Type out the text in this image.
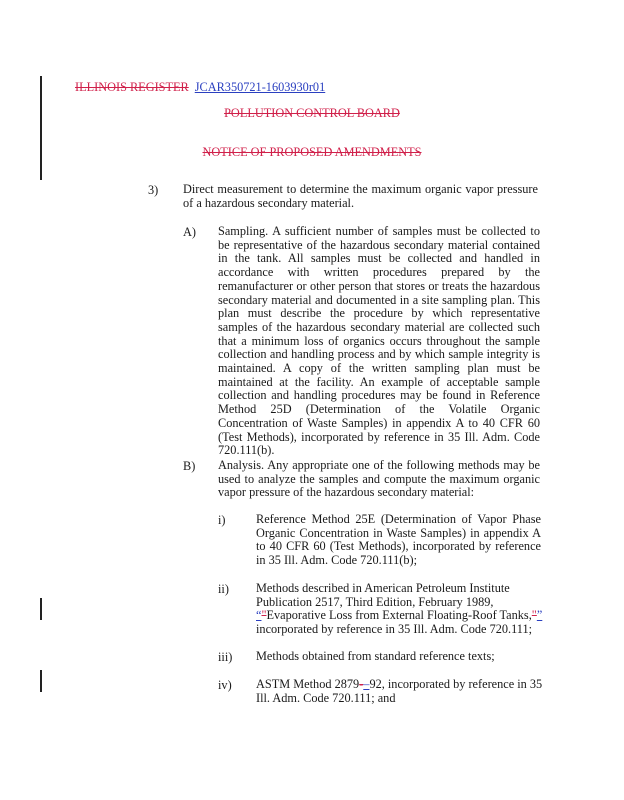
ILLINOIS REGISTER JCAR350721-1603930r01
POLLUTION CONTROL BOARD
NOTICE OF PROPOSED AMENDMENTS
3) Direct measurement to determine the maximum organic vapor pressure of a hazardous secondary material.
A) Sampling. A sufficient number of samples must be collected to be representative of the hazardous secondary material contained in the tank. All samples must be collected and handled in accordance with written procedures prepared by the remanufacturer or other person that stores or treats the hazardous secondary material and documented in a site sampling plan. This plan must describe the procedure by which representative samples of the hazardous secondary material are collected such that a minimum loss of organics occurs throughout the sample collection and handling process and by which sample integrity is maintained. A copy of the written sampling plan must be maintained at the facility. An example of acceptable sample collection and handling procedures may be found in Reference Method 25D (Determination of the Volatile Organic Concentration of Waste Samples) in appendix A to 40 CFR 60 (Test Methods), incorporated by reference in 35 Ill. Adm. Code 720.111(b).
B) Analysis. Any appropriate one of the following methods may be used to analyze the samples and compute the maximum organic vapor pressure of the hazardous secondary material:
i) Reference Method 25E (Determination of Vapor Phase Organic Concentration in Waste Samples) in appendix A to 40 CFR 60 (Test Methods), incorporated by reference in 35 Ill. Adm. Code 720.111(b);
ii) Methods described in American Petroleum Institute
Publication 2517, Third Edition, February 1989,
“"Evaporative Loss from External Floating-Roof Tanks,"”
incorporated by reference in 35 Ill. Adm. Code 720.111;
iii) Methods obtained from standard reference texts;
iv) ASTM Method 2879-–92, incorporated by reference in 35
Ill. Adm. Code 720.111; and
